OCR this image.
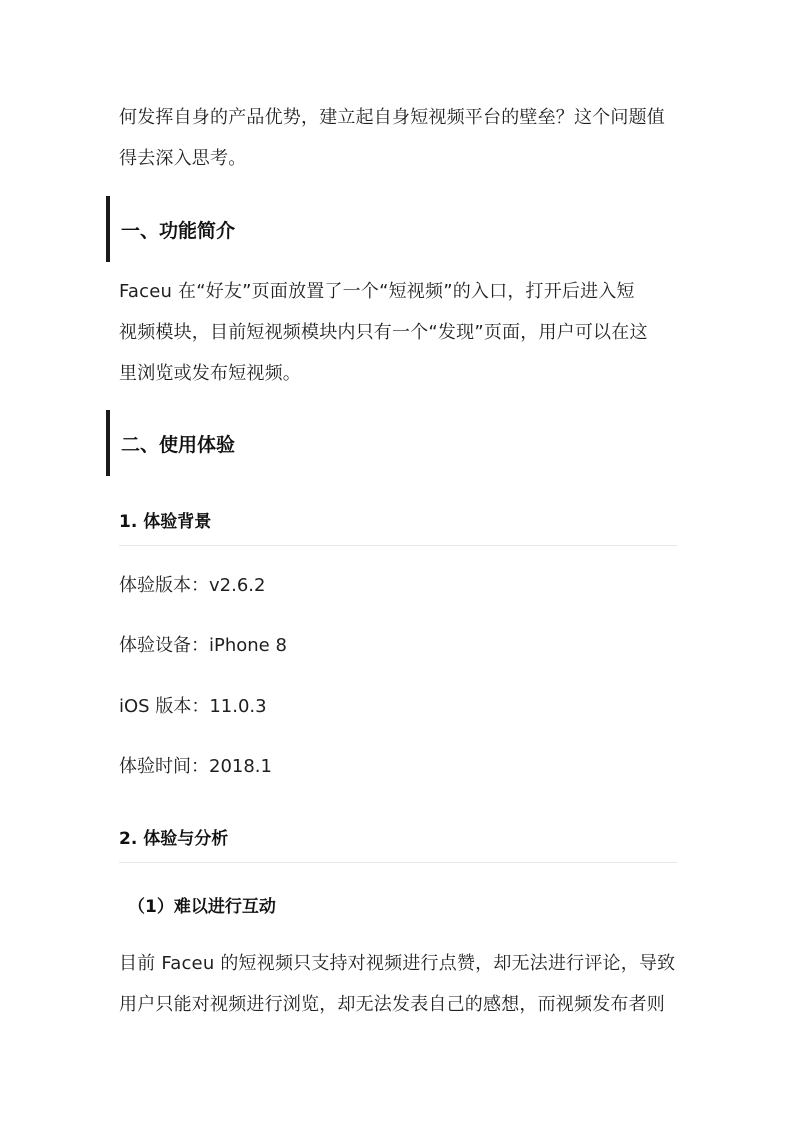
何发挥自身的产品优势，建立起自身短视频平台的壁垒？这个问题值
得去深入思考。

一、功能简介

Faceu 在“好友”页面放置了一个“短视频”的入口，打开后进入短
视频模块，目前短视频模块内只有一个“发现”页面，用户可以在这
里浏览或发布短视频。

二、使用体验
1. 体验背景
体验版本：v2.6.2
体验设备：iPhone 8
iOS 版本：11.0.3
体验时间：2018.1
2. 体验与分析
（1）难以进行互动

目前 Faceu 的短视频只支持对视频进行点赞，却无法进行评论，导致
用户只能对视频进行浏览，却无法发表自己的感想，而视频发布者则
